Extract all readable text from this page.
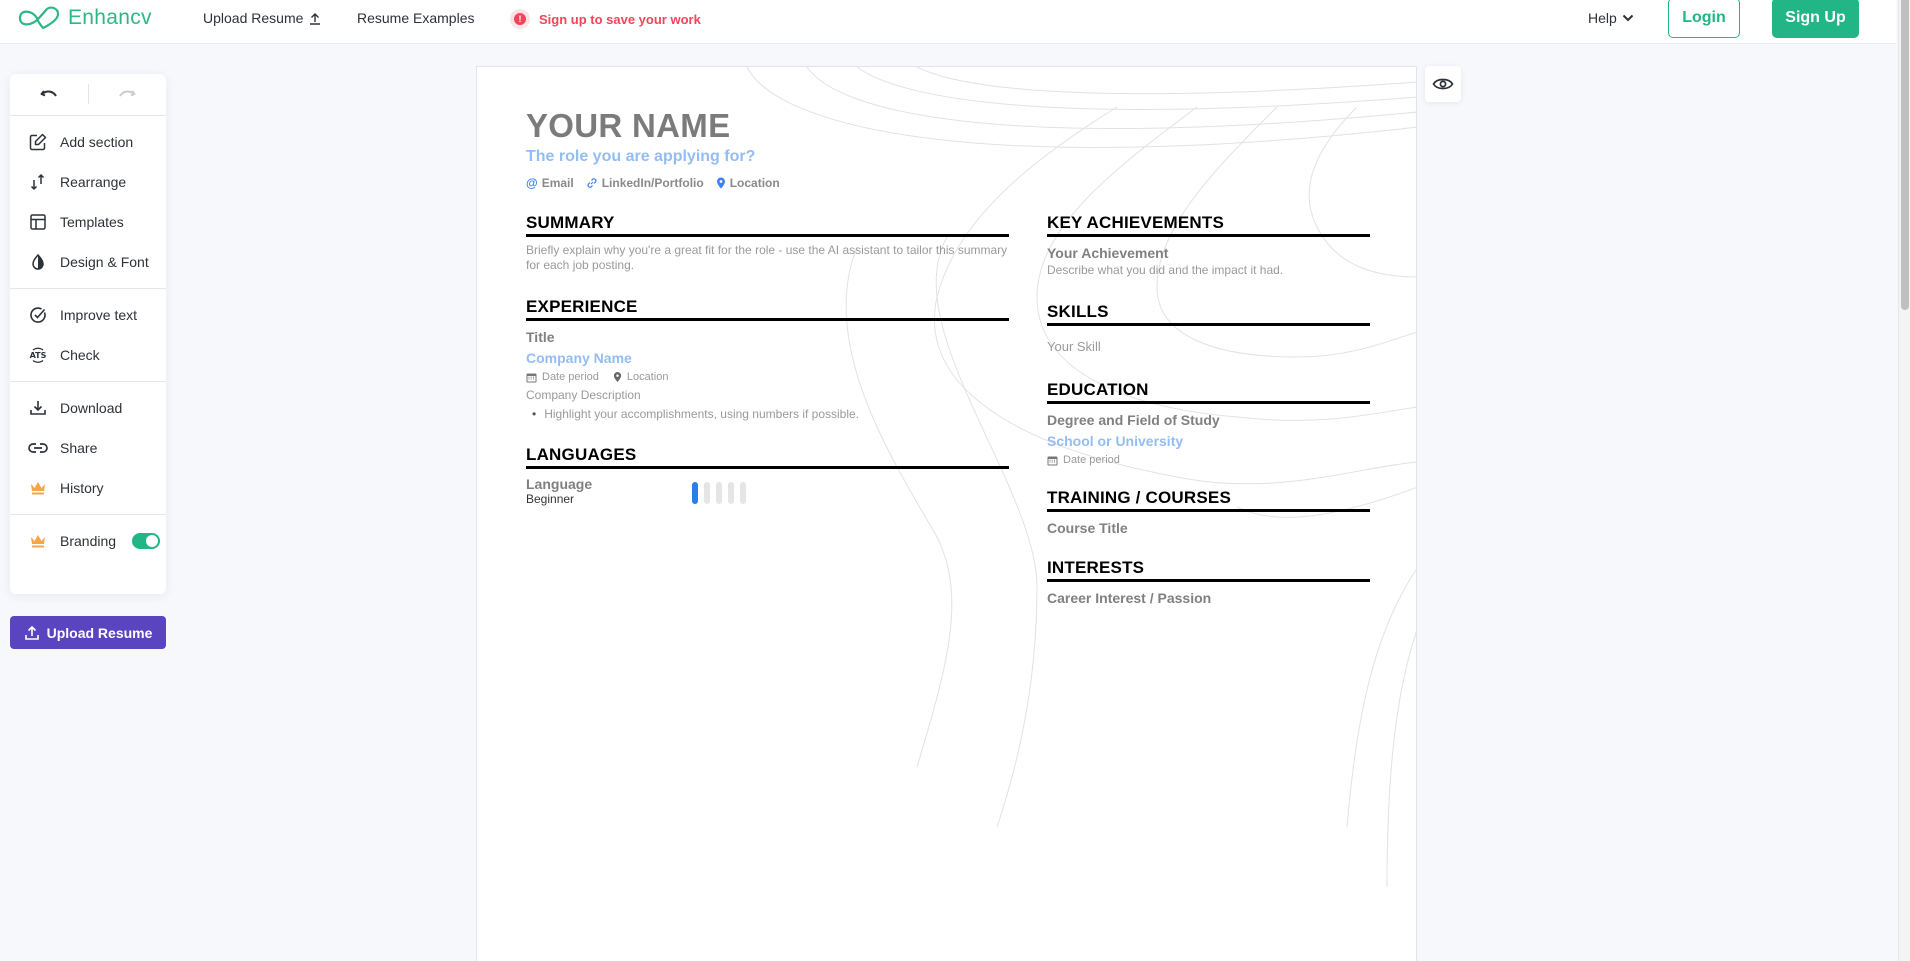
Enhancv	Upload Resume	Resume Examples	!	Sign up to save your work	Help	Login	Sign Up
Add section
Rearrange
Templates
Design & Font
Improve text
ATS Check
Download
Share
History
Branding
Upload Resume
YOUR NAME
The role you are applying for?
@ Email LinkedIn/Portfolio Location
SUMMARY
Briefly explain why you're a great fit for the role - use the AI assistant to tailor this summary for each job posting.
EXPERIENCE
Title
Company Name
Date period	Location
Company Description
• Highlight your accomplishments, using numbers if possible.
LANGUAGES
Language
Beginner
KEY ACHIEVEMENTS
Your Achievement
Describe what you did and the impact it had.
SKILLS
Your Skill
EDUCATION
Degree and Field of Study
School or University
Date period
TRAINING / COURSES
Course Title
INTERESTS
Career Interest / Passion
